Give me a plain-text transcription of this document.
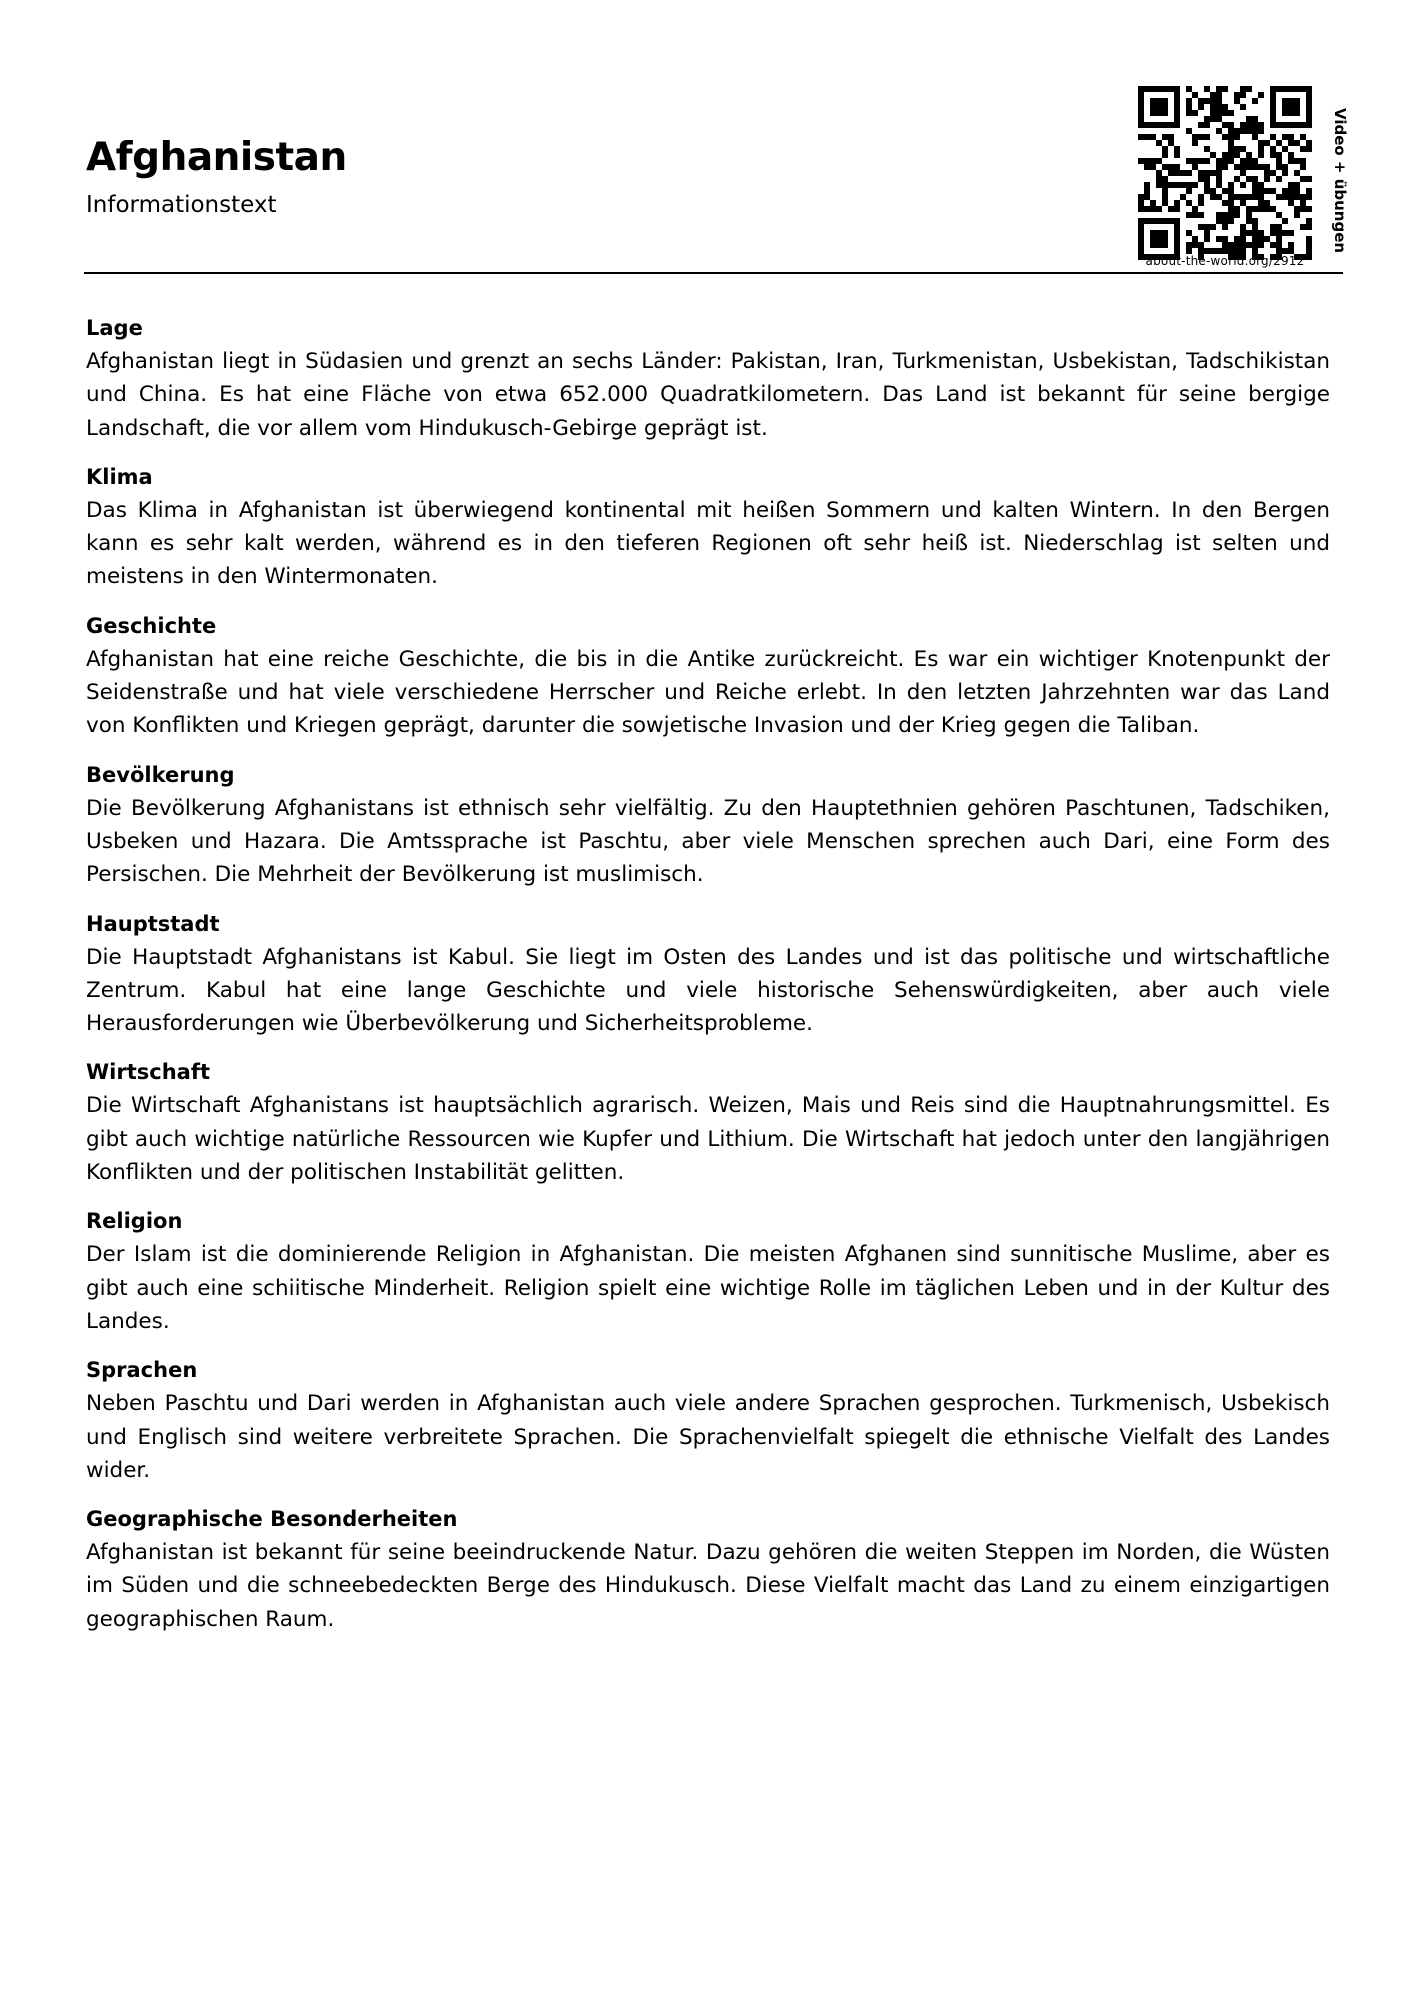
Afghanistan
Informationstext	Video + übungen
about-the-world.org/2912
Lage

Afghanistan liegt in Südasien und grenzt an sechs Länder: Pakistan, Iran, Turkmenistan, Usbekistan, Tadschikistan und China. Es hat eine Fläche von etwa 652.000 Quadratkilometern. Das Land ist bekannt für seine bergige Landschaft, die vor allem vom Hindukusch-Gebirge geprägt ist.

Klima

Das Klima in Afghanistan ist überwiegend kontinental mit heißen Sommern und kalten Wintern. In den Bergen kann es sehr kalt werden, während es in den tieferen Regionen oft sehr heiß ist. Niederschlag ist selten und meistens in den Wintermonaten.

Geschichte

Afghanistan hat eine reiche Geschichte, die bis in die Antike zurückreicht. Es war ein wichtiger Knotenpunkt der Seidenstraße und hat viele verschiedene Herrscher und Reiche erlebt. In den letzten Jahrzehnten war das Land von Konflikten und Kriegen geprägt, darunter die sowjetische Invasion und der Krieg gegen die Taliban.

Bevölkerung

Die Bevölkerung Afghanistans ist ethnisch sehr vielfältig. Zu den Hauptethnien gehören Paschtunen, Tadschiken, Usbeken und Hazara. Die Amtssprache ist Paschtu, aber viele Menschen sprechen auch Dari, eine Form des Persischen. Die Mehrheit der Bevölkerung ist muslimisch.

Hauptstadt

Die Hauptstadt Afghanistans ist Kabul. Sie liegt im Osten des Landes und ist das politische und wirtschaftliche Zentrum. Kabul hat eine lange Geschichte und viele historische Sehenswürdigkeiten, aber auch viele Herausforderungen wie Überbevölkerung und Sicherheitsprobleme.

Wirtschaft

Die Wirtschaft Afghanistans ist hauptsächlich agrarisch. Weizen, Mais und Reis sind die Hauptnahrungsmittel. Es gibt auch wichtige natürliche Ressourcen wie Kupfer und Lithium. Die Wirtschaft hat jedoch unter den langjährigen Konflikten und der politischen Instabilität gelitten.

Religion

Der Islam ist die dominierende Religion in Afghanistan. Die meisten Afghanen sind sunnitische Muslime, aber es gibt auch eine schiitische Minderheit. Religion spielt eine wichtige Rolle im täglichen Leben und in der Kultur des Landes.

Sprachen

Neben Paschtu und Dari werden in Afghanistan auch viele andere Sprachen gesprochen. Turkmenisch, Usbekisch und Englisch sind weitere verbreitete Sprachen. Die Sprachenvielfalt spiegelt die ethnische Vielfalt des Landes wider.

Geographische Besonderheiten

Afghanistan ist bekannt für seine beeindruckende Natur. Dazu gehören die weiten Steppen im Norden, die Wüsten im Süden und die schneebedeckten Berge des Hindukusch. Diese Vielfalt macht das Land zu einem einzigartigen geographischen Raum.
